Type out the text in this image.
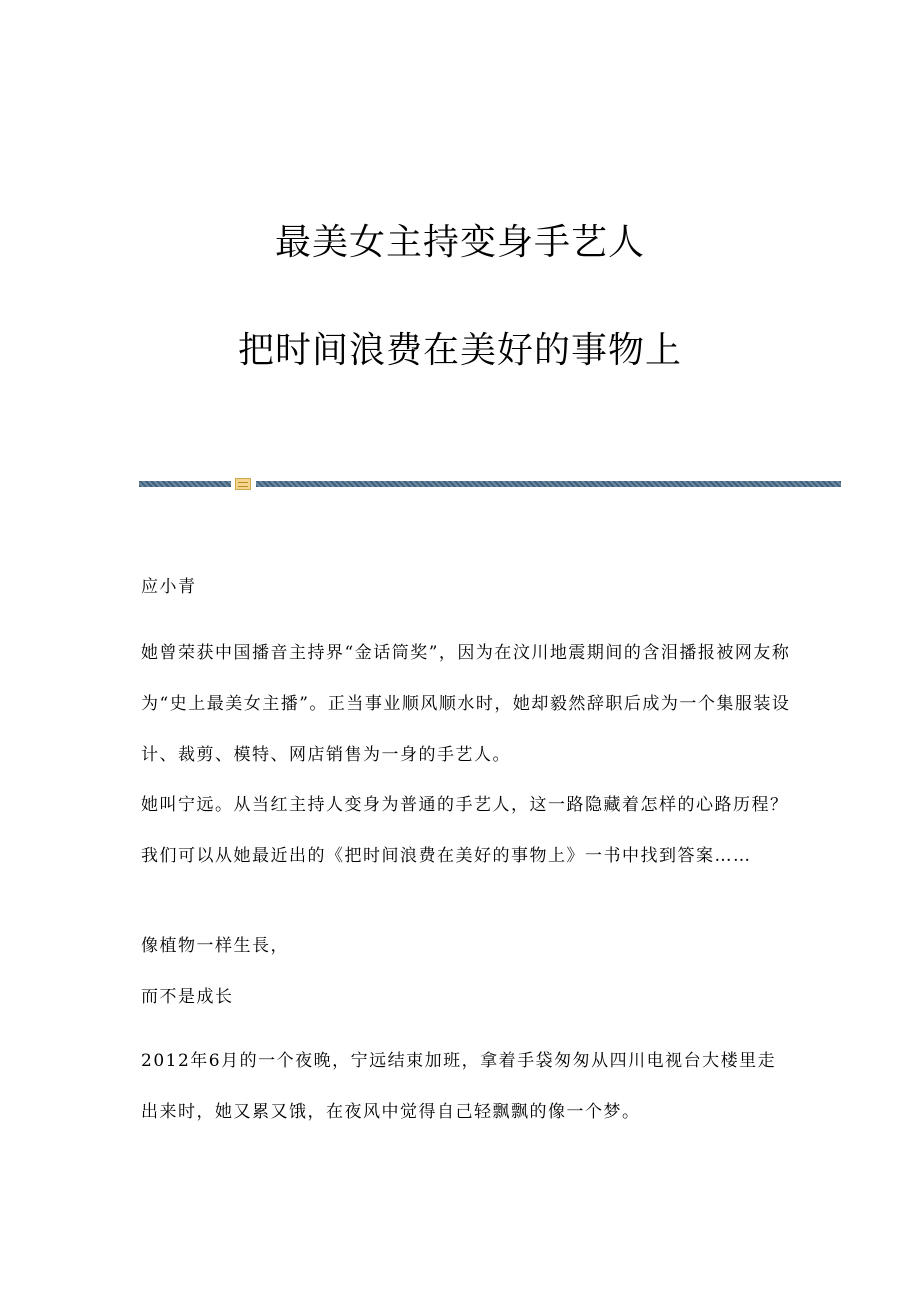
最美女主持变身手艺人
把时间浪费在美好的事物上

应小青

她曾荣获中国播音主持界“金话筒奖”，因为在汶川地震期间的含泪播报被网友称为“史上最美女主播”。正当事业顺风顺水时，她却毅然辞职后成为一个集服装设计、裁剪、模特、网店销售为一身的手艺人。

她叫宁远。从当红主持人变身为普通的手艺人，这一路隐藏着怎样的心路历程？我们可以从她最近出的《把时间浪费在美好的事物上》一书中找到答案……

像植物一样生長，

而不是成长

2012年6月的一个夜晚，宁远结束加班，拿着手袋匆匆从四川电视台大楼里走出来时，她又累又饿，在夜风中觉得自己轻飘飘的像一个梦。
